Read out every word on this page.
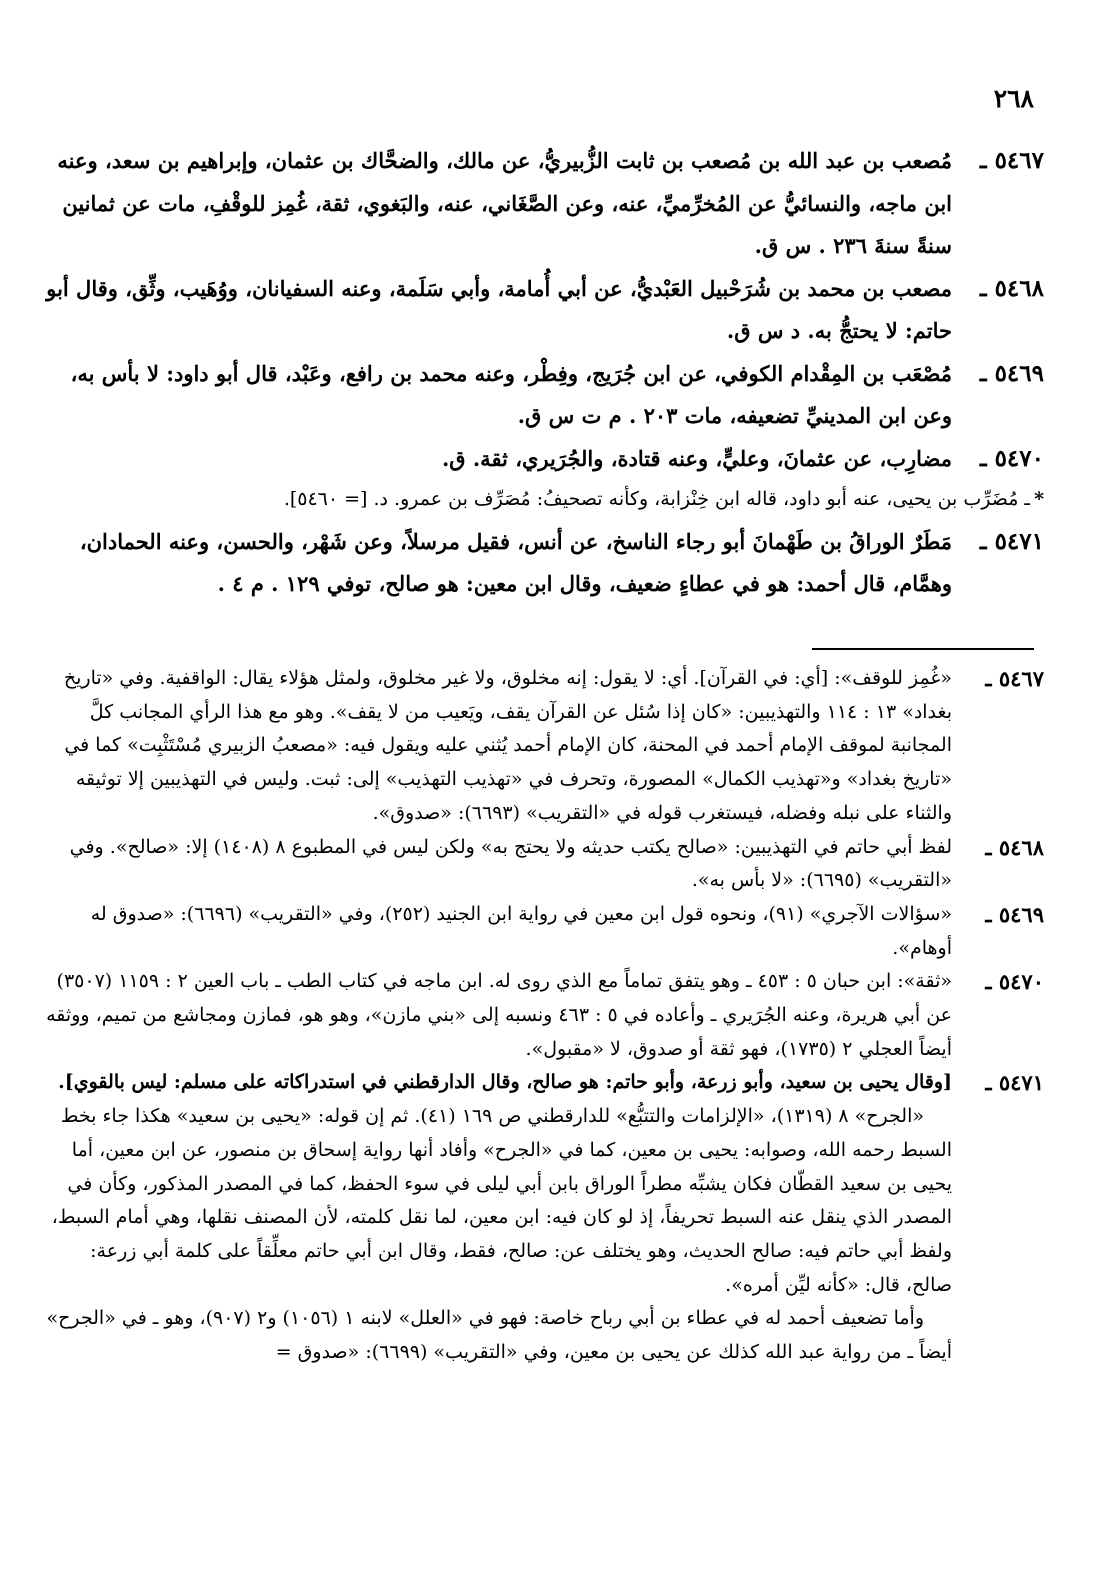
٢٦٨
٥٤٦٧ ـ
مُصعب بن عبد الله بن مُصعب بن ثابت الزُّبيريُّ، عن مالك، والضحَّاك بن عثمان، وإبراهيم بن سعد، وعنه ابن ماجه، والنسائيُّ عن المُخرِّميِّ، عنه، وعن الصَّغَاني، عنه، والبَغوي، ثقة، غُمِز للوقْفِ، مات عن ثمانين سنةً سنةَ ٢٣٦ . س ق.
٥٤٦٨ ـ
مصعب بن محمد بن شُرَحْبيل العَبْديُّ، عن أبي أُمامة، وأبي سَلَمة، وعنه السفيانان، ووُهَيب، وثِّق، وقال أبو حاتم: لا يحتجُّ به. د س ق.
٥٤٦٩ ـ
مُصْعَب بن المِقْدام الكوفي، عن ابن جُرَيج، وفِطْر، وعنه محمد بن رافع، وعَبْد، قال أبو داود: لا بأس به، وعن ابن المدينيِّ تضعيفه، مات ٢٠٣ . م ت س ق.
٥٤٧٠ ـ
مضارِب، عن عثمانَ، وعليٍّ، وعنه قتادة، والجُرَيري، ثقة. ق.
*
ـ مُضَرِّب بن يحيى، عنه أبو داود، قاله ابن خِنْزابة، وكأنه تصحيفُ: مُصَرِّف بن عمرو. د. [= ٥٤٦٠].
٥٤٧١ ـ
مَطَرٌ الوراقُ بن طَهْمانَ أبو رجاء الناسخ، عن أنس، فقيل مرسلاً، وعن شَهْر، والحسن، وعنه الحمادان، وهمَّام، قال أحمد: هو في عطاءٍ ضعيف، وقال ابن معين: هو صالح، توفي ١٢٩ . م ٤ .
٥٤٦٧ ـ
«غُمِز للوقف»: [أي: في القرآن]. أي: لا يقول: إنه مخلوق، ولا غير مخلوق، ولمثل هؤلاء يقال: الواقفية. وفي «تاريخ بغداد» ١٣ : ١١٤ والتهذيبين: «كان إذا سُئل عن القرآن يقف، ويَعيب من لا يقف». وهو مع هذا الرأي المجانب كلَّ المجانبة لموقف الإمام أحمد في المحنة، كان الإمام أحمد يُثني عليه ويقول فيه: «مصعبُ الزبيري مُسْتَثْبِت» كما في «تاريخ بغداد» و«تهذيب الكمال» المصورة، وتحرف في «تهذيب التهذيب» إلى: ثبت. وليس في التهذيبين إلا توثيقه والثناء على نبله وفضله، فيستغرب قوله في «التقريب» (٦٦٩٣): «صدوق».
٥٤٦٨ ـ
لفظ أبي حاتم في التهذيبين: «صالح يكتب حديثه ولا يحتج به» ولكن ليس في المطبوع ٨ (١٤٠٨) إلا: «صالح». وفي «التقريب» (٦٦٩٥): «لا بأس به».
٥٤٦٩ ـ
«سؤالات الآجري» (٩١)، ونحوه قول ابن معين في رواية ابن الجنيد (٢٥٢)، وفي «التقريب» (٦٦٩٦): «صدوق له أوهام».
٥٤٧٠ ـ
«ثقة»: ابن حبان ٥ : ٤٥٣ ـ وهو يتفق تماماً مع الذي روى له. ابن ماجه في كتاب الطب ـ باب العين ٢ : ١١٥٩ (٣٥٠٧) عن أبي هريرة، وعنه الجُرَيري ـ وأعاده في ٥ : ٤٦٣ ونسبه إلى «بني مازن»، وهو هو، فمازن ومجاشع من تميم، ووثقه أيضاً العجلي ٢ (١٧٣٥)، فهو ثقة أو صدوق، لا «مقبول».
٥٤٧١ ـ
[وقال يحيى بن سعيد، وأبو زرعة، وأبو حاتم: هو صالح، وقال الدارقطني في استدراكاته على مسلم: ليس بالقوي].
«الجرح» ٨ (١٣١٩)، «الإلزامات والتتبُّع» للدارقطني ص ١٦٩ (٤١). ثم إن قوله: «يحيى بن سعيد» هكذا جاء بخط السبط رحمه الله، وصوابه: يحيى بن معين، كما في «الجرح» وأفاد أنها رواية إسحاق بن منصور، عن ابن معين، أما يحيى بن سعيد القطّان فكان يشبِّه مطراً الوراق بابن أبي ليلى في سوء الحفظ، كما في المصدر المذكور، وكأن في المصدر الذي ينقل عنه السبط تحريفاً، إذ لو كان فيه: ابن معين، لما نقل كلمته، لأن المصنف نقلها، وهي أمام السبط، ولفظ أبي حاتم فيه: صالح الحديث، وهو يختلف عن: صالح، فقط، وقال ابن أبي حاتم معلِّقاً على كلمة أبي زرعة: صالح، قال: «كأنه ليِّن أمره».
وأما تضعيف أحمد له في عطاء بن أبي رباح خاصة: فهو في «العلل» لابنه ١ (١٠٥٦) و٢ (٩٠٧)، وهو ـ في «الجرح» أيضاً ـ من رواية عبد الله كذلك عن يحيى بن معين، وفي «التقريب» (٦٦٩٩): «صدوق =
